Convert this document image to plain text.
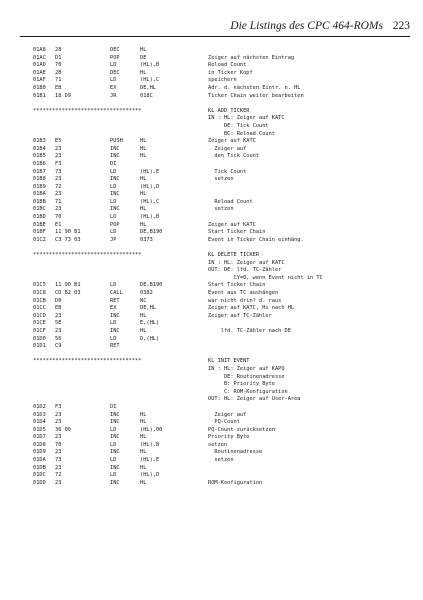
Die Listings des CPC 464-ROMs 223
01A8 28	DEC	HL
01AC D1	POP	DE	Zeiger auf nächsten Eintrag
01AD 70	LD	(HL),B	Reload Count
01AE 2B	DEC	HL	in Ticker Kopf
01AF 71	LD	(HL),C	speichern
01B0 EB	EX	DE,HL	Adr. d. nächsten Eintr. n. HL
01B1 18 D9	JR	018C	Ticker Chain weiter bearbeiten
**********************************	KL ADD TICKER
IN : HL: Zeiger auf KATC
DE: Tick Count
BC: Reload Count
01B3 E5	PUSH	HL	Zeiger auf KATC
01B4 23	INC	HL	Zeiger auf
01B5 23	INC	HL	den Tick Count
01B6 F3	DI
01B7 73	LD	(HL),E	Tick Count
01B8 23	INC	HL	setzen
01B9 72	LD	(HL),D
01BA 23	INC	HL
01BB 71	LD	(HL),C	Reload Count
01BC 23	INC	HL	setzen
01BD 70	LD	(HL),B
01BE E1	POP	HL	Zeiger auf KATC
01BF 11 90 B1	LD	DE,B190	Start Ticker Chain
01C2 C3 73 03	JP	0373	Event in Ticker Chain einhäng.
**********************************	KL DELETE TICKER
IN : HL: Zeiger auf KATC
OUT: DE: lfd. TC-Zähler
CY=0, wenn Event nicht in TC
01C5 11 90 B1	LD	DE,B190	Start Ticker Chain
01C8 CD 82 03	CALL	0382	Event aus TC aushängen
01CB D0	RET	NC	war nicht drin? d. raus
01CC EB	EX	DE,HL	Zeiger auf KATC, Hi nach HL
01CD 23	INC	HL	Zeiger auf TC-Zähler
01CE 5E	LD	E,(HL)
01CF 23	INC	HL	lfd. TC-Zähler nach DE
01D0 56	LD	D,(HL)
01D1 C9	RET
**********************************	KL INIT EVENT
IN : HL: Zeiger auf KAPQ
DE: Routinenadresse
B: Priority Byte
C: ROM-Konfiguration
OUT: HL: Zeiger auf User-Area
01D2 F3	DI
01D3 23	INC	HL	Zeiger auf
01D4 23	INC	HL	PQ-Count
01D5 36 00	LD	(HL),00	PQ-Count zurücksetzen
01D7 23	INC	HL	Priority Byte
01D8 70	LD	(HL),B	setzen
01D9 23	INC	HL	Routinenadresse
01DA 73	LD	(HL),E	setzen
01DB 23	INC	HL
01DC 72	LD	(HL),D
01DD 23	INC	HL	ROM-Konfiguration
